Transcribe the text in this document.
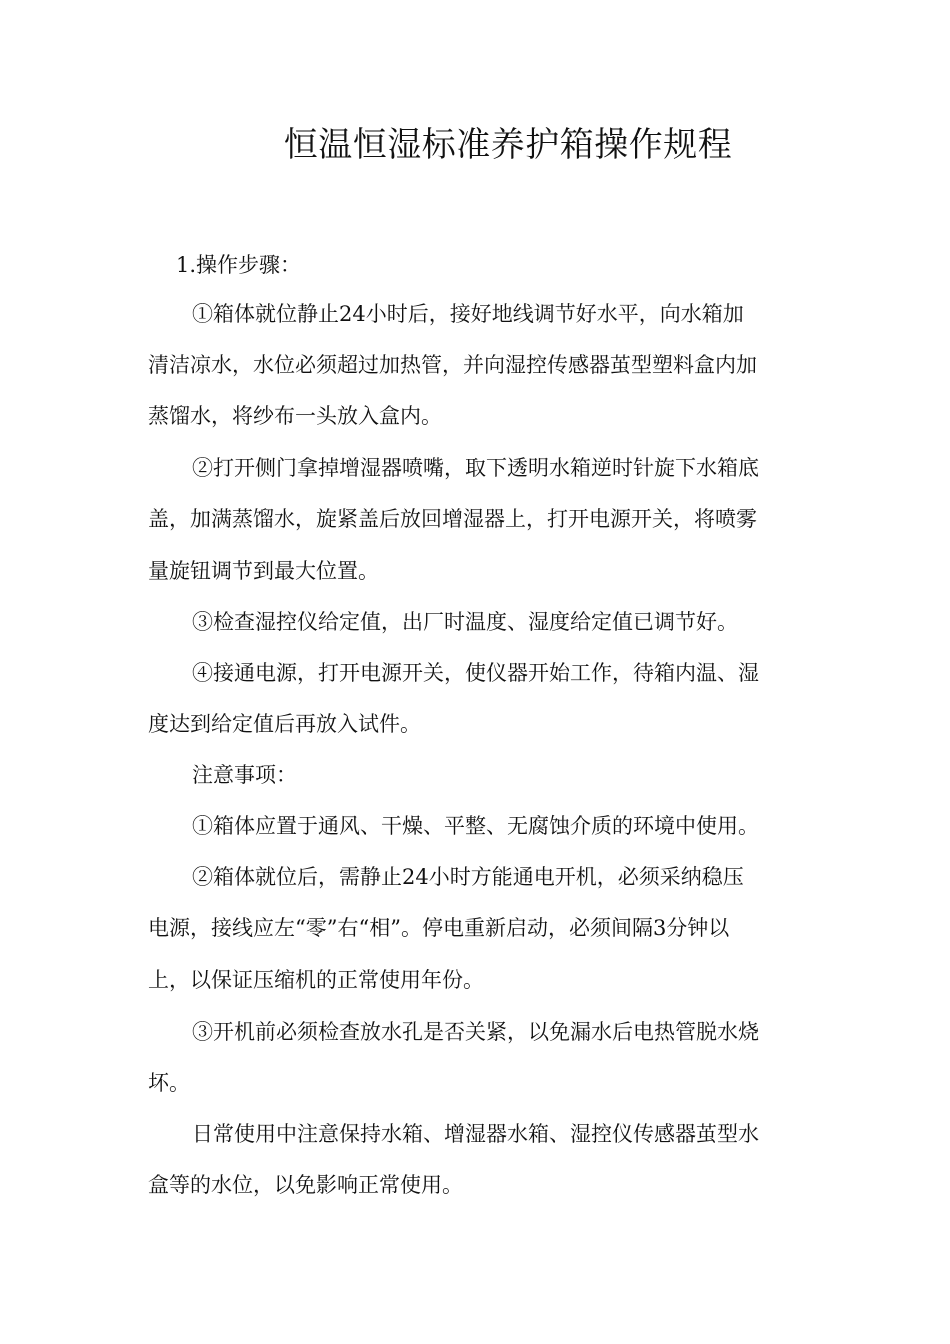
恒温恒湿标准养护箱操作规程
1.操作步骤：
①箱体就位静止24小时后，接好地线调节好水平，向水箱加
清洁凉水，水位必须超过加热管，并向湿控传感器茧型塑料盒内加
蒸馏水，将纱布一头放入盒内。
②打开侧门拿掉增湿器喷嘴，取下透明水箱逆时针旋下水箱底
盖，加满蒸馏水，旋紧盖后放回增湿器上，打开电源开关，将喷雾
量旋钮调节到最大位置。
③检查湿控仪给定值，出厂时温度、湿度给定值已调节好。
④接通电源，打开电源开关，使仪器开始工作，待箱内温、湿
度达到给定值后再放入试件。
注意事项：
①箱体应置于通风、干燥、平整、无腐蚀介质的环境中使用。
②箱体就位后，需静止24小时方能通电开机，必须采纳稳压
电源，接线应左“零”右“相”。停电重新启动，必须间隔3分钟以
上，以保证压缩机的正常使用年份。
③开机前必须检查放水孔是否关紧，以免漏水后电热管脱水烧
坏。
日常使用中注意保持水箱、增湿器水箱、湿控仪传感器茧型水
盒等的水位，以免影响正常使用。
